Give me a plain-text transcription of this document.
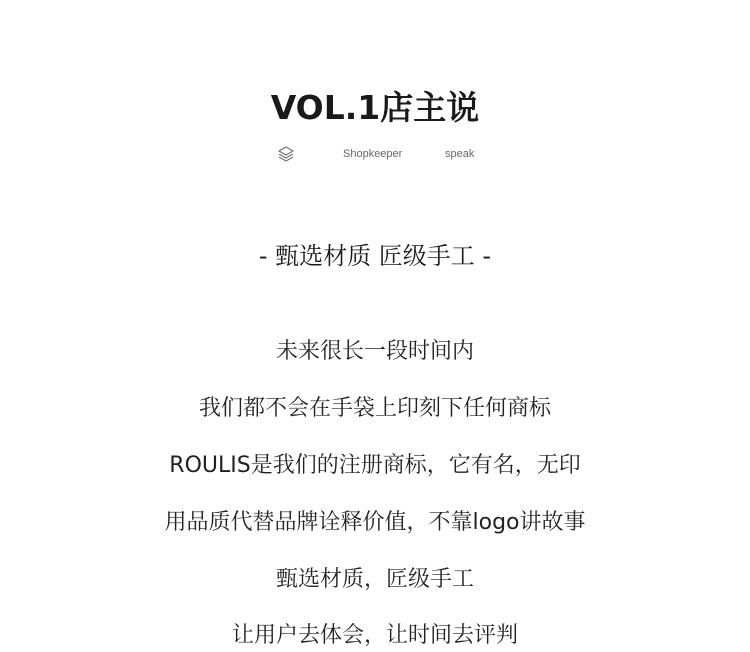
VOL.1店主说
Shopkeeper	speak
- 甄选材质 匠级手工 -
未来很长一段时间内
我们都不会在手袋上印刻下任何商标
ROULIS是我们的注册商标，它有名，无印
用品质代替品牌诠释价值，不靠logo讲故事
甄选材质，匠级手工
让用户去体会，让时间去评判
